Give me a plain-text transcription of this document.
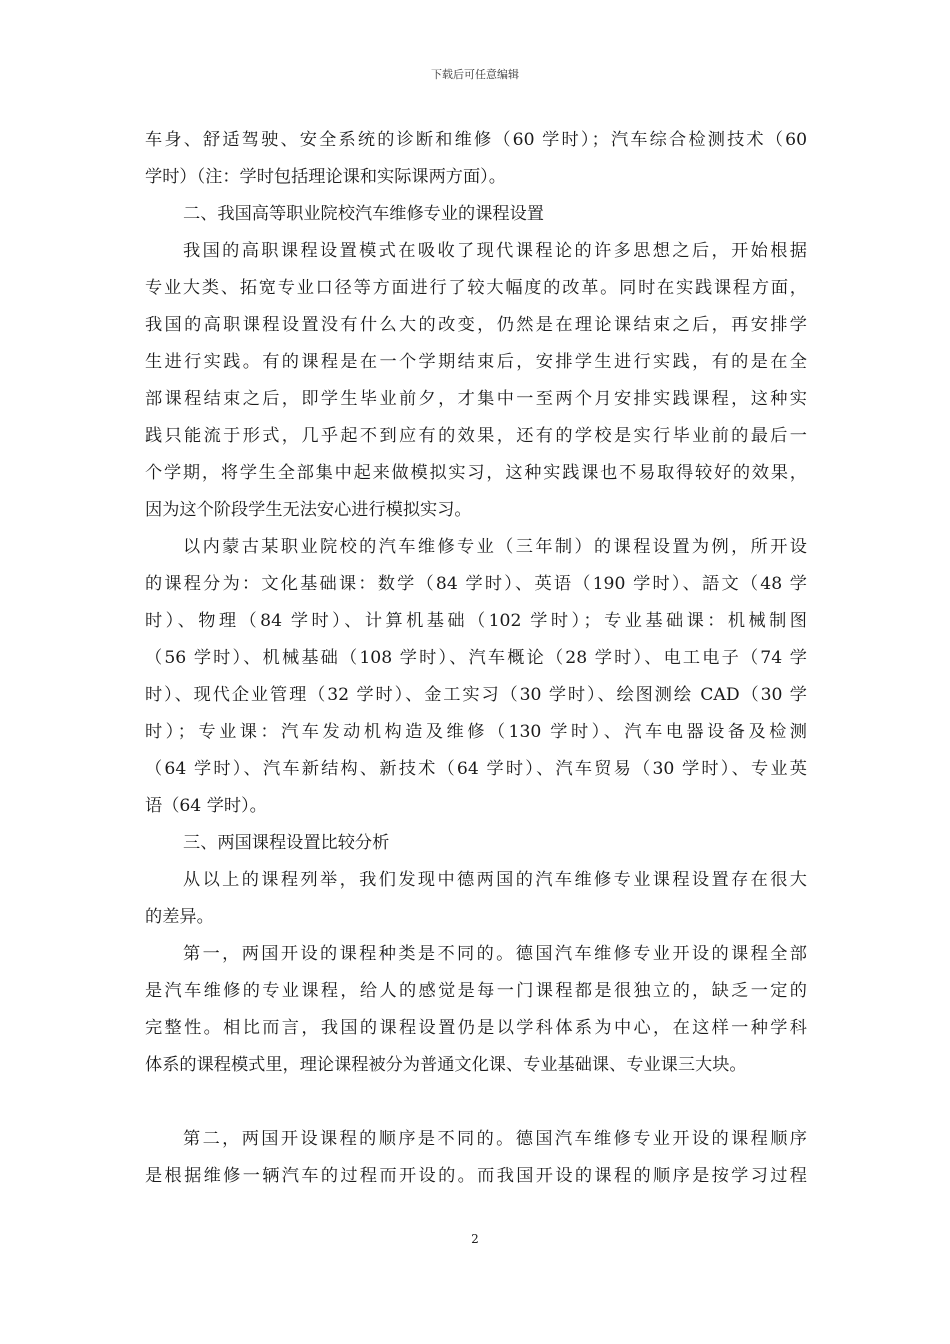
下载后可任意编辑
车身、舒适驾驶、安全系统的诊断和维修（60 学时）；汽车综合检测技术（60
学时）（注：学时包括理论课和实际课两方面）。
二、我国高等职业院校汽车维修专业的课程设置
我国的高职课程设置模式在吸收了现代课程论的许多思想之后，开始根据
专业大类、拓宽专业口径等方面进行了较大幅度的改革。同时在实践课程方面，
我国的高职课程设置没有什么大的改变，仍然是在理论课结束之后，再安排学
生进行实践。有的课程是在一个学期结束后，安排学生进行实践，有的是在全
部课程结束之后，即学生毕业前夕，才集中一至两个月安排实践课程，这种实
践只能流于形式，几乎起不到应有的效果，还有的学校是实行毕业前的最后一
个学期，将学生全部集中起来做模拟实习，这种实践课也不易取得较好的效果，
因为这个阶段学生无法安心进行模拟实习。
以内蒙古某职业院校的汽车维修专业（三年制）的课程设置为例，所开设
的课程分为：文化基础课：数学（84 学时）、英语（190 学时）、語文（48 学
时）、物理（84 学时）、计算机基础（102 学时）；专业基础课：机械制图
（56 学时）、机械基础（108 学时）、汽车概论（28 学时）、电工电子（74 学
时）、现代企业管理（32 学时）、金工实习（30 学时）、绘图测绘 CAD（30 学
时）；专业课：汽车发动机构造及维修（130 学时）、汽车电器设备及检测
（64 学时）、汽车新结构、新技术（64 学时）、汽车贸易（30 学时）、专业英
语（64 学时）。
三、两国课程设置比较分析
从以上的课程列举，我们发现中德两国的汽车维修专业课程设置存在很大
的差异。
第一，两国开设的课程种类是不同的。德国汽车维修专业开设的课程全部
是汽车维修的专业课程，给人的感觉是每一门课程都是很独立的，缺乏一定的
完整性。相比而言，我国的课程设置仍是以学科体系为中心，在这样一种学科
体系的课程模式里，理论课程被分为普通文化课、专业基础课、专业课三大块。
第二，两国开设课程的顺序是不同的。德国汽车维修专业开设的课程顺序
是根据维修一辆汽车的过程而开设的。而我国开设的课程的顺序是按学习过程
2
